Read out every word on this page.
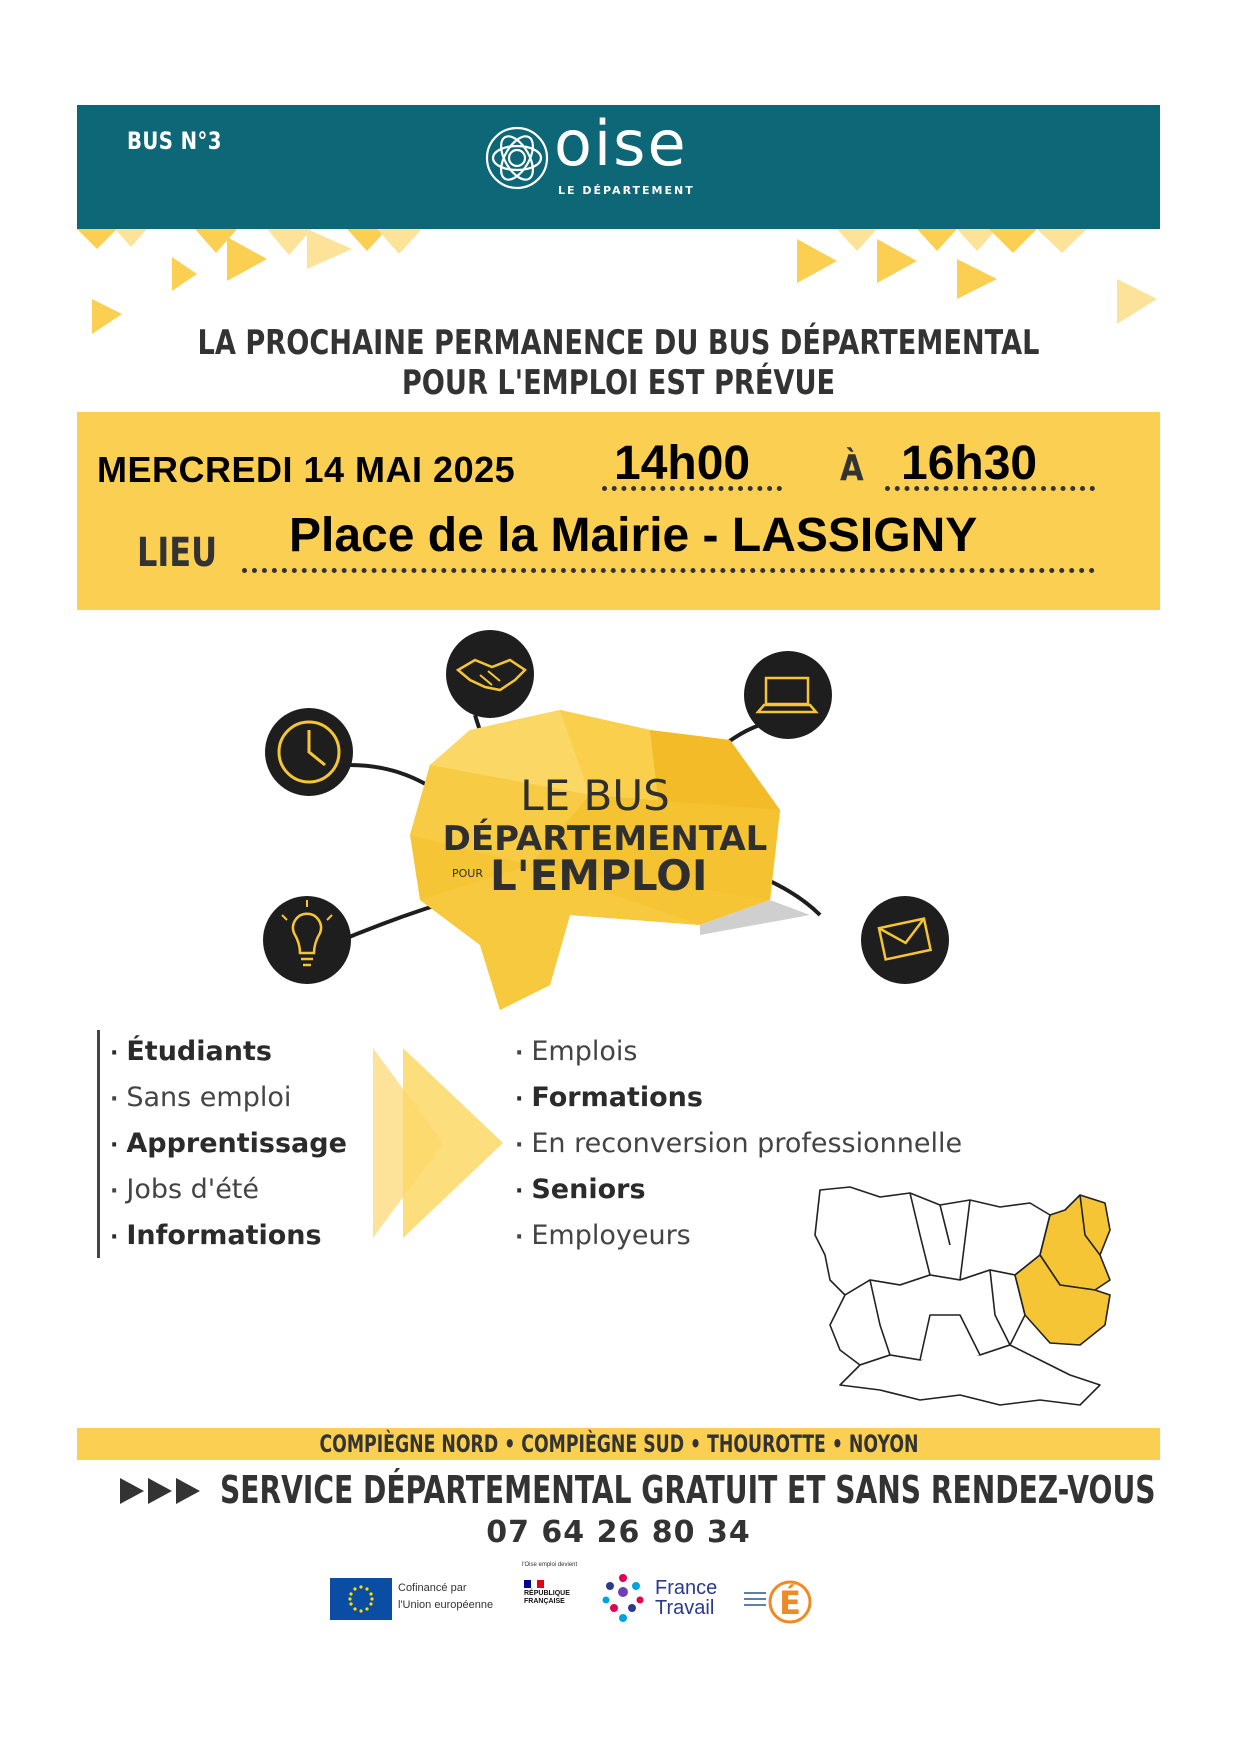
BUS N°3	oise
LE DÉPARTEMENT
LA PROCHAINE PERMANENCE DU BUS DÉPARTEMENTAL
POUR L'EMPLOI EST PRÉVUE
MERCREDI 14 MAI 2025 14h00 À 16h30
LIEU Place de la Mairie - LASSIGNY
LE BUS
DÉPARTEMENTAL
POUR L'EMPLOI
· Étudiants
· Sans emploi
· Apprentissage
· Jobs d'été
· Informations
· Emplois
· Formations
· En reconversion professionnelle
· Seniors
· Employeurs
COMPIÈGNE NORD • COMPIÈGNE SUD • THOUROTTE • NOYON
SERVICE DÉPARTEMENTAL GRATUIT ET SANS RENDEZ-VOUS
07 64 26 80 34
Cofinancé par
l'Union européenne
l'Oise emploi devient
RÉPUBLIQUE
FRANÇAISE
France
Travail É
